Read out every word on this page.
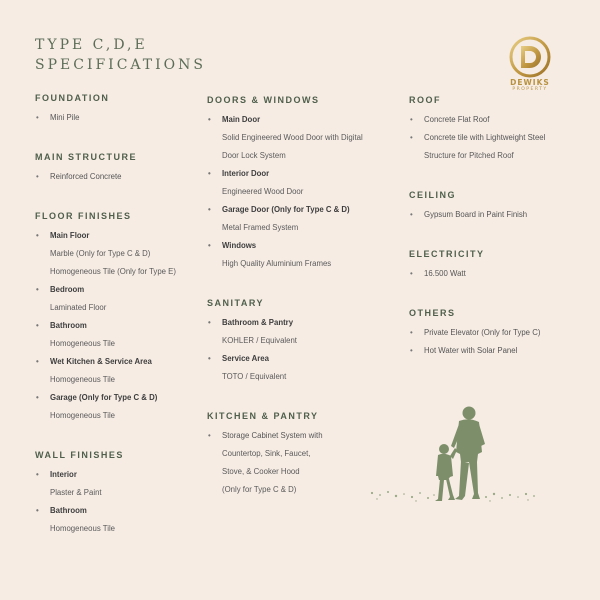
TYPE C,D,E
SPECIFICATIONS
DEWIKS
PROPERTY
FOUNDATION
• Mini Pile
MAIN STRUCTURE
• Reinforced Concrete
FLOOR FINISHES
• Main Floor
Marble (Only for Type C & D)
Homogeneous Tile (Only for Type E)
• Bedroom
Laminated Floor
• Bathroom
Homogeneous Tile
• Wet Kitchen & Service Area
Homogeneous Tile
• Garage (Only for Type C & D)
Homogeneous Tile
WALL FINISHES
• Interior
Plaster & Paint
• Bathroom
Homogeneous Tile
DOORS & WINDOWS
• Main Door
Solid Engineered Wood Door with Digital
Door Lock System
• Interior Door
Engineered Wood Door
• Garage Door (Only for Type C & D)
Metal Framed System
• Windows
High Quality Aluminium Frames
SANITARY
• Bathroom & Pantry
KOHLER / Equivalent
• Service Area
TOTO / Equivalent
KITCHEN & PANTRY
• Storage Cabinet System with
Countertop, Sink, Faucet,
Stove, & Cooker Hood
(Only for Type C & D)
ROOF
• Concrete Flat Roof
• Concrete tile with Lightweight Steel
Structure for Pitched Roof
CEILING
• Gypsum Board in Paint Finish
ELECTRICITY
• 16.500 Watt
OTHERS
• Private Elevator (Only for Type C)
• Hot Water with Solar Panel
